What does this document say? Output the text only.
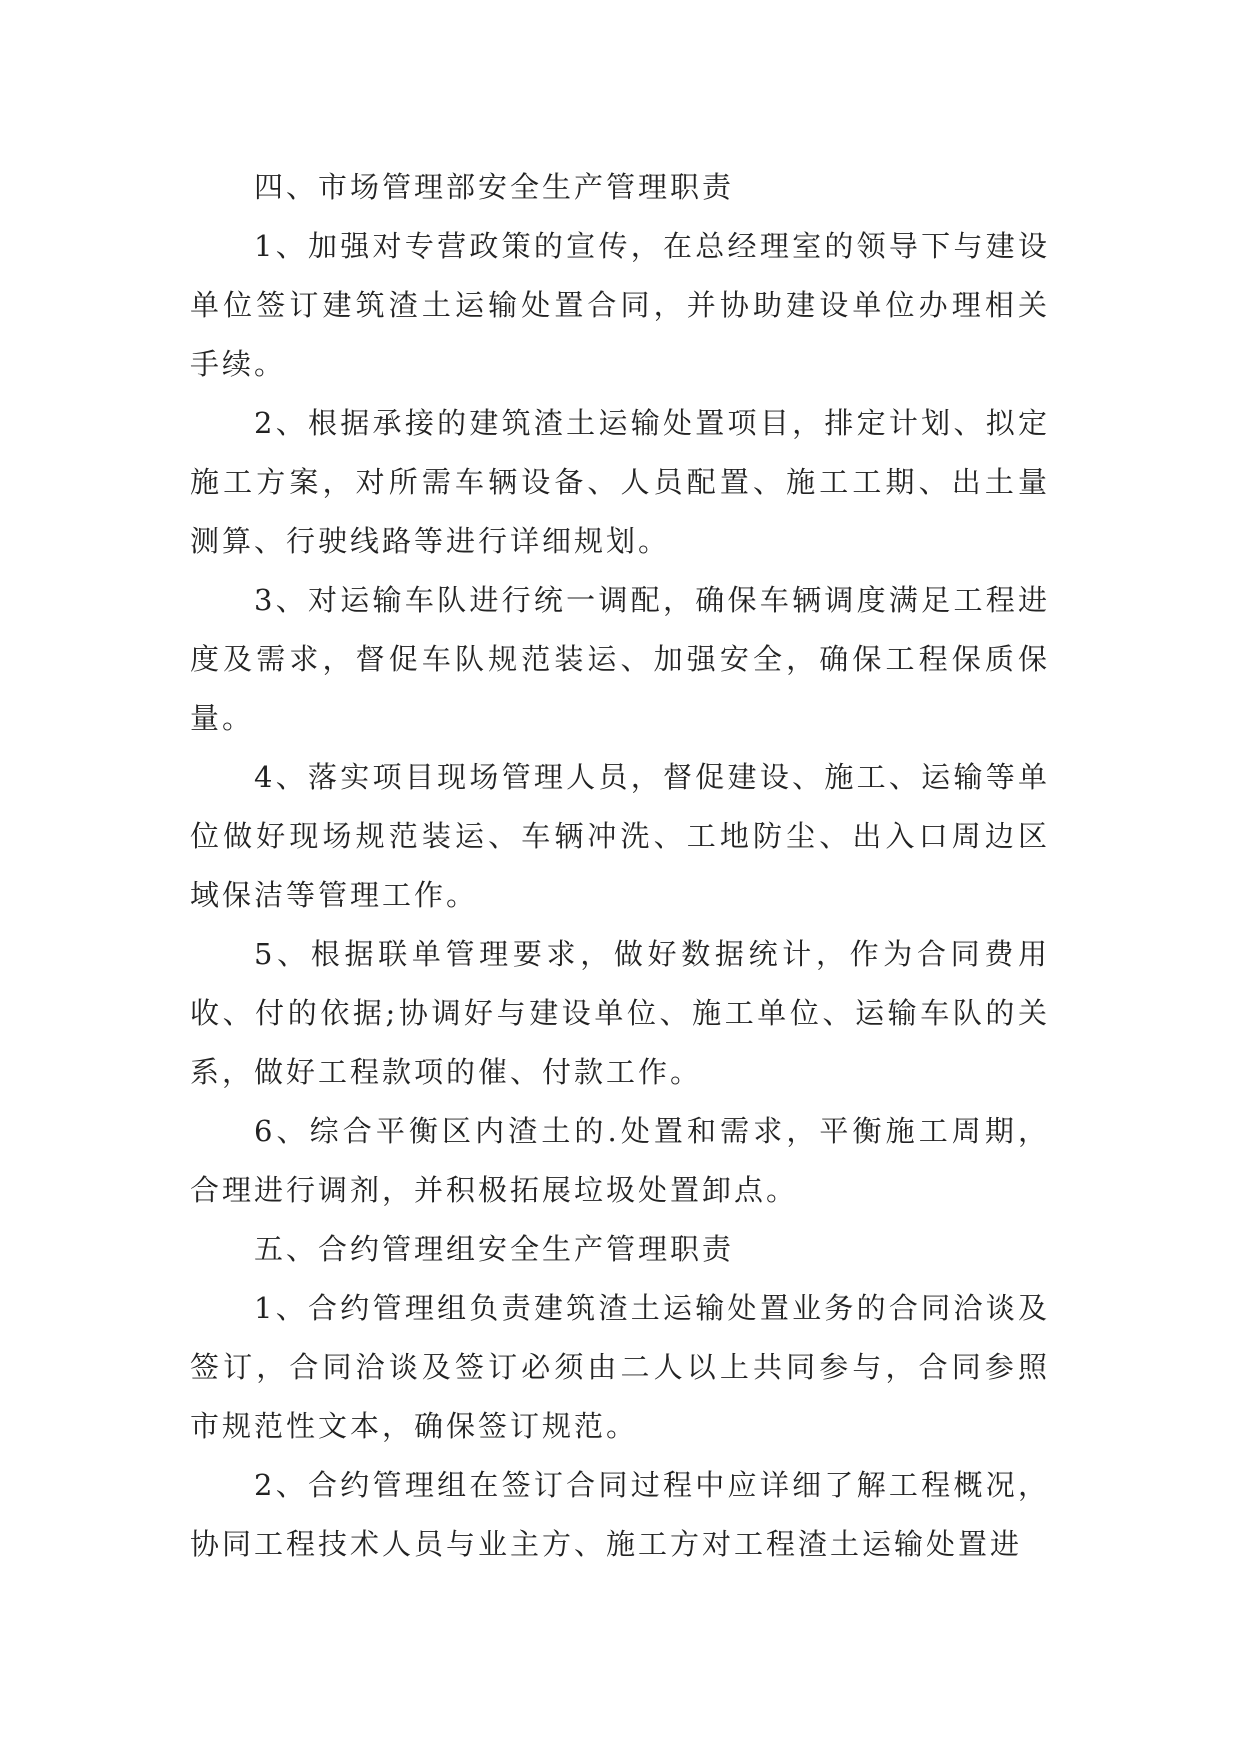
四、市场管理部安全生产管理职责

1、加强对专营政策的宣传，在总经理室的领导下与建设单位签订建筑渣土运输处置合同，并协助建设单位办理相关手续。

2、根据承接的建筑渣土运输处置项目，排定计划、拟定施工方案，对所需车辆设备、人员配置、施工工期、出土量测算、行驶线路等进行详细规划。

3、对运输车队进行统一调配，确保车辆调度满足工程进度及需求，督促车队规范装运、加强安全，确保工程保质保量。

4、落实项目现场管理人员，督促建设、施工、运输等单位做好现场规范装运、车辆冲洗、工地防尘、出入口周边区域保洁等管理工作。

5、根据联单管理要求，做好数据统计，作为合同费用收、付的依据;协调好与建设单位、施工单位、运输车队的关系，做好工程款项的催、付款工作。

6、综合平衡区内渣土的.处置和需求，平衡施工周期，合理进行调剂，并积极拓展垃圾处置卸点。

五、合约管理组安全生产管理职责

1、合约管理组负责建筑渣土运输处置业务的合同洽谈及签订，合同洽谈及签订必须由二人以上共同参与，合同参照市规范性文本，确保签订规范。

2、合约管理组在签订合同过程中应详细了解工程概况，协同工程技术人员与业主方、施工方对工程渣土运输处置进
